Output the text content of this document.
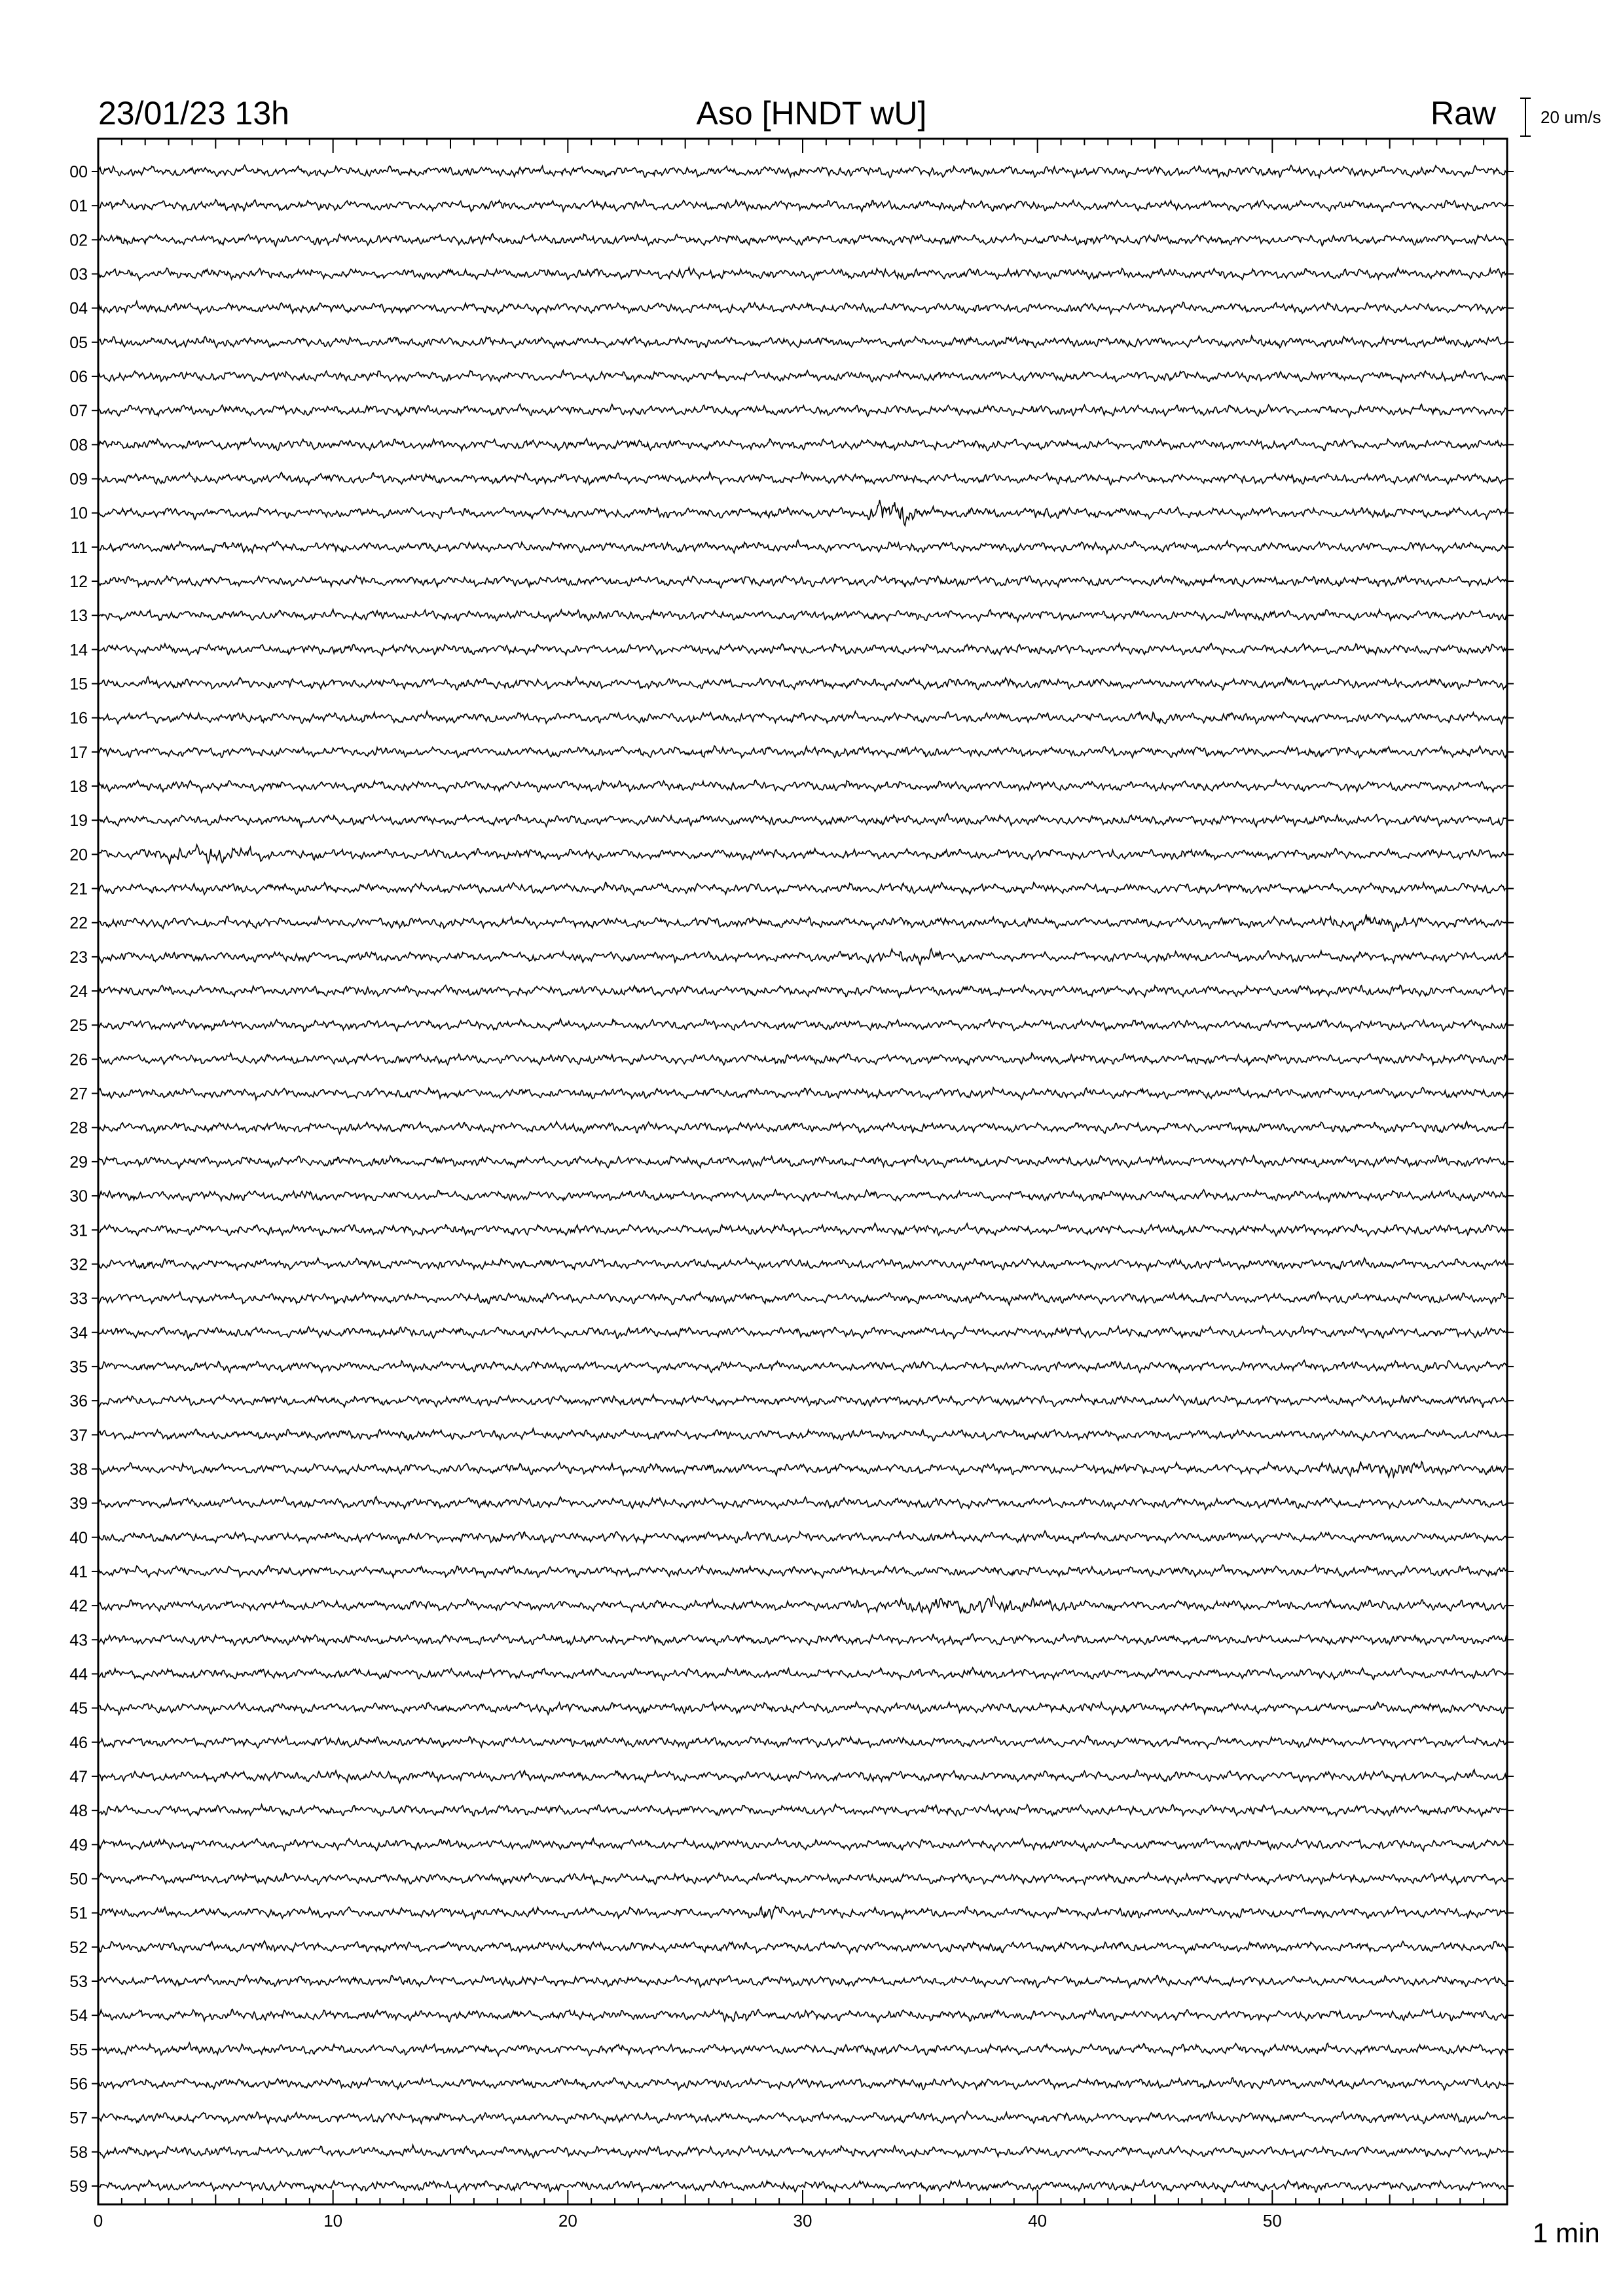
23/01/23 13h	Aso [HNDT wU]	Raw	20 um/s
1 min
00
01
02
03
04
05
06
07
08
09
10
11
12
13
14
15
16
17
18
19
20
21
22
23
24
25
26
27
28
29
30
31
32
33
34
35
36
37
38
39
40
41
42
43
44
45
46
47
48
49
50
51
52
53
54
55
56
57
58
59
0	10	20	30	40	50
